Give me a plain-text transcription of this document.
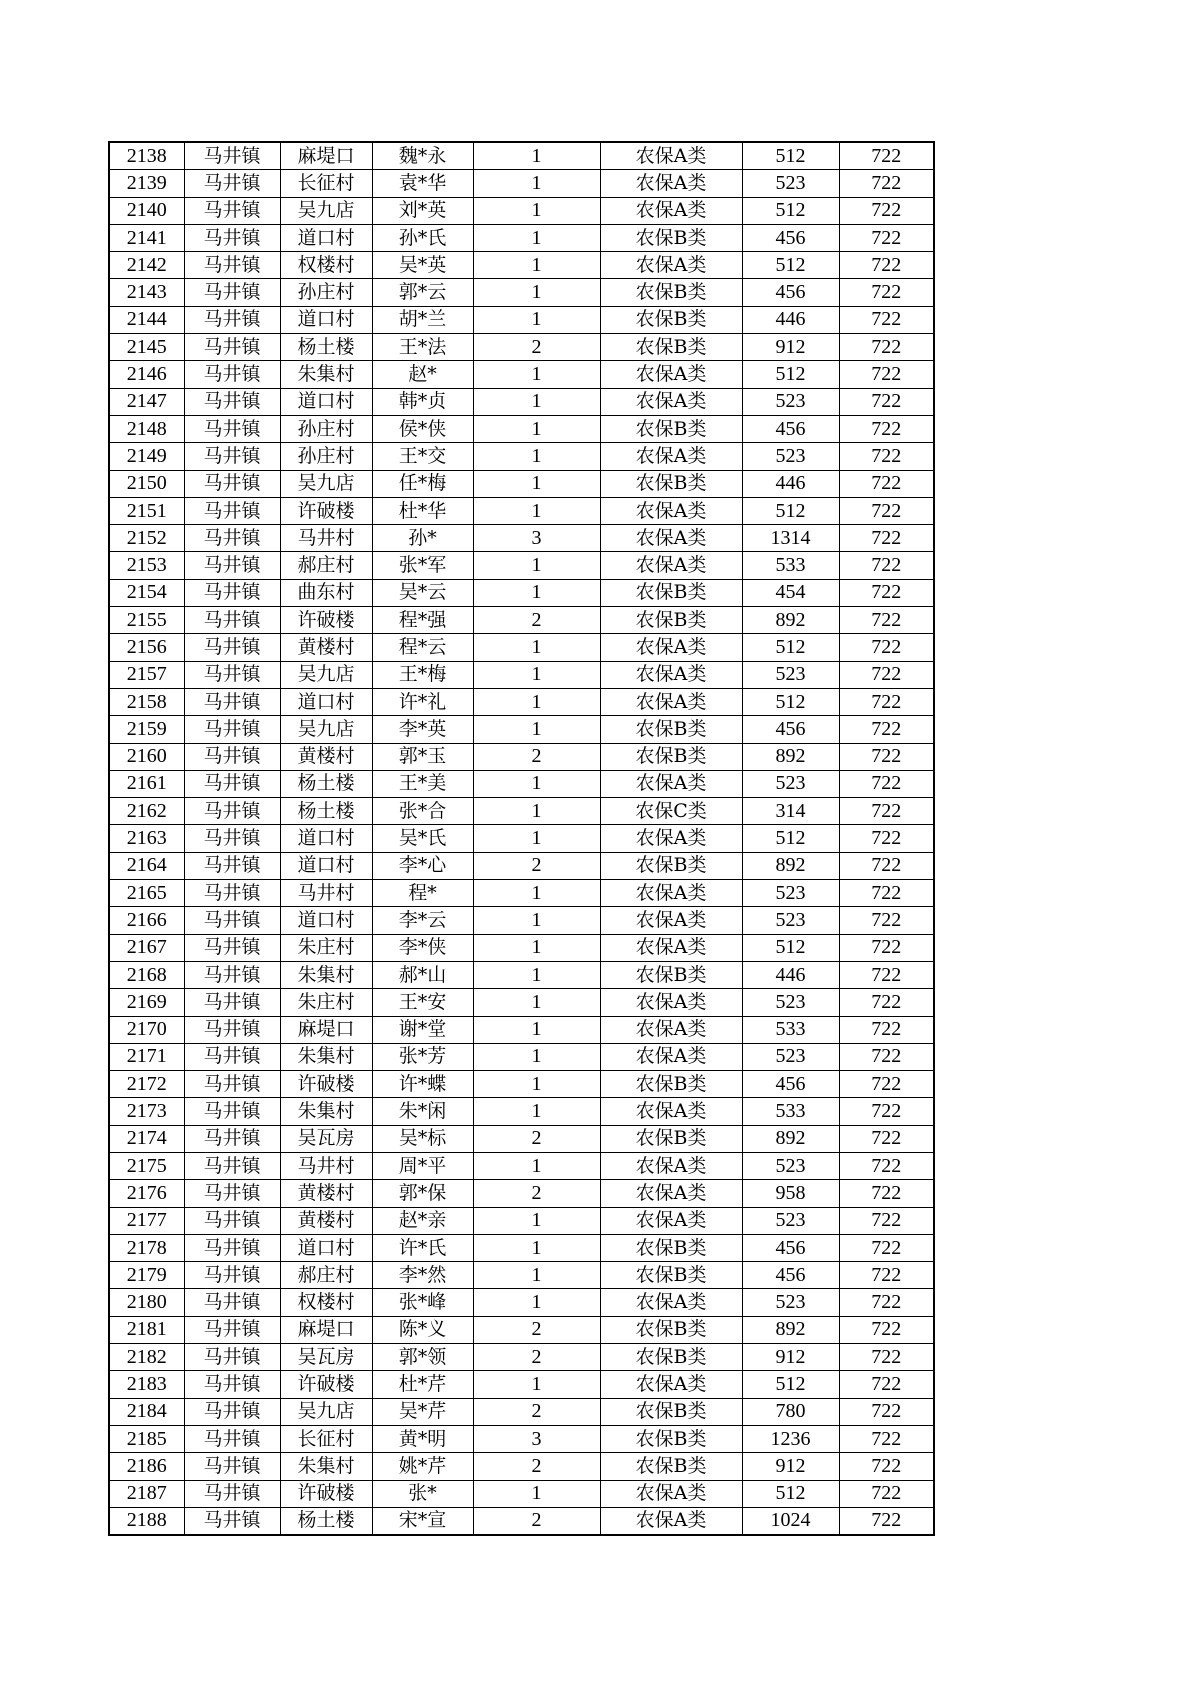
2138	马井镇	麻堤口	魏*永	1	农保A类	512	722
2139	马井镇	长征村	袁*华	1	农保A类	523	722
2140	马井镇	吴九店	刘*英	1	农保A类	512	722
2141	马井镇	道口村	孙*氏	1	农保B类	456	722
2142	马井镇	权楼村	吴*英	1	农保A类	512	722
2143	马井镇	孙庄村	郭*云	1	农保B类	456	722
2144	马井镇	道口村	胡*兰	1	农保B类	446	722
2145	马井镇	杨土楼	王*法	2	农保B类	912	722
2146	马井镇	朱集村	赵*	1	农保A类	512	722
2147	马井镇	道口村	韩*贞	1	农保A类	523	722
2148	马井镇	孙庄村	侯*侠	1	农保B类	456	722
2149	马井镇	孙庄村	王*交	1	农保A类	523	722
2150	马井镇	吴九店	任*梅	1	农保B类	446	722
2151	马井镇	许破楼	杜*华	1	农保A类	512	722
2152	马井镇	马井村	孙*	3	农保A类	1314	722
2153	马井镇	郝庄村	张*军	1	农保A类	533	722
2154	马井镇	曲东村	吴*云	1	农保B类	454	722
2155	马井镇	许破楼	程*强	2	农保B类	892	722
2156	马井镇	黄楼村	程*云	1	农保A类	512	722
2157	马井镇	吴九店	王*梅	1	农保A类	523	722
2158	马井镇	道口村	许*礼	1	农保A类	512	722
2159	马井镇	吴九店	李*英	1	农保B类	456	722
2160	马井镇	黄楼村	郭*玉	2	农保B类	892	722
2161	马井镇	杨土楼	王*美	1	农保A类	523	722
2162	马井镇	杨土楼	张*合	1	农保C类	314	722
2163	马井镇	道口村	吴*氏	1	农保A类	512	722
2164	马井镇	道口村	李*心	2	农保B类	892	722
2165	马井镇	马井村	程*	1	农保A类	523	722
2166	马井镇	道口村	李*云	1	农保A类	523	722
2167	马井镇	朱庄村	李*侠	1	农保A类	512	722
2168	马井镇	朱集村	郝*山	1	农保B类	446	722
2169	马井镇	朱庄村	王*安	1	农保A类	523	722
2170	马井镇	麻堤口	谢*堂	1	农保A类	533	722
2171	马井镇	朱集村	张*芳	1	农保A类	523	722
2172	马井镇	许破楼	许*蝶	1	农保B类	456	722
2173	马井镇	朱集村	朱*闲	1	农保A类	533	722
2174	马井镇	吴瓦房	吴*标	2	农保B类	892	722
2175	马井镇	马井村	周*平	1	农保A类	523	722
2176	马井镇	黄楼村	郭*保	2	农保A类	958	722
2177	马井镇	黄楼村	赵*亲	1	农保A类	523	722
2178	马井镇	道口村	许*氏	1	农保B类	456	722
2179	马井镇	郝庄村	李*然	1	农保B类	456	722
2180	马井镇	权楼村	张*峰	1	农保A类	523	722
2181	马井镇	麻堤口	陈*义	2	农保B类	892	722
2182	马井镇	吴瓦房	郭*领	2	农保B类	912	722
2183	马井镇	许破楼	杜*芹	1	农保A类	512	722
2184	马井镇	吴九店	吴*芹	2	农保B类	780	722
2185	马井镇	长征村	黄*明	3	农保B类	1236	722
2186	马井镇	朱集村	姚*芹	2	农保B类	912	722
2187	马井镇	许破楼	张*	1	农保A类	512	722
2188	马井镇	杨土楼	宋*宣	2	农保A类	1024	722
